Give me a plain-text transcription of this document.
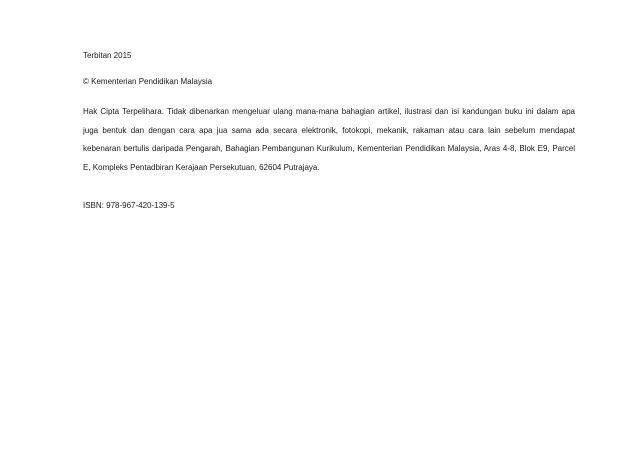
Terbitan 2015

© Kementerian Pendidikan Malaysia

Hak Cipta Terpelihara. Tidak dibenarkan mengeluar ulang mana-mana bahagian artikel, ilustrasi dan isi kandungan buku ini dalam apa juga bentuk dan dengan cara apa jua sama ada secara elektronik, fotokopi, mekanik, rakaman atau cara lain sebelum mendapat kebenaran bertulis daripada Pengarah, Bahagian Pembangunan Kurikulum, Kementerian Pendidikan Malaysia, Aras 4-8, Blok E9, Parcel E, Kompleks Pentadbiran Kerajaan Persekutuan, 62604 Putrajaya.

ISBN: 978-967-420-139-5
